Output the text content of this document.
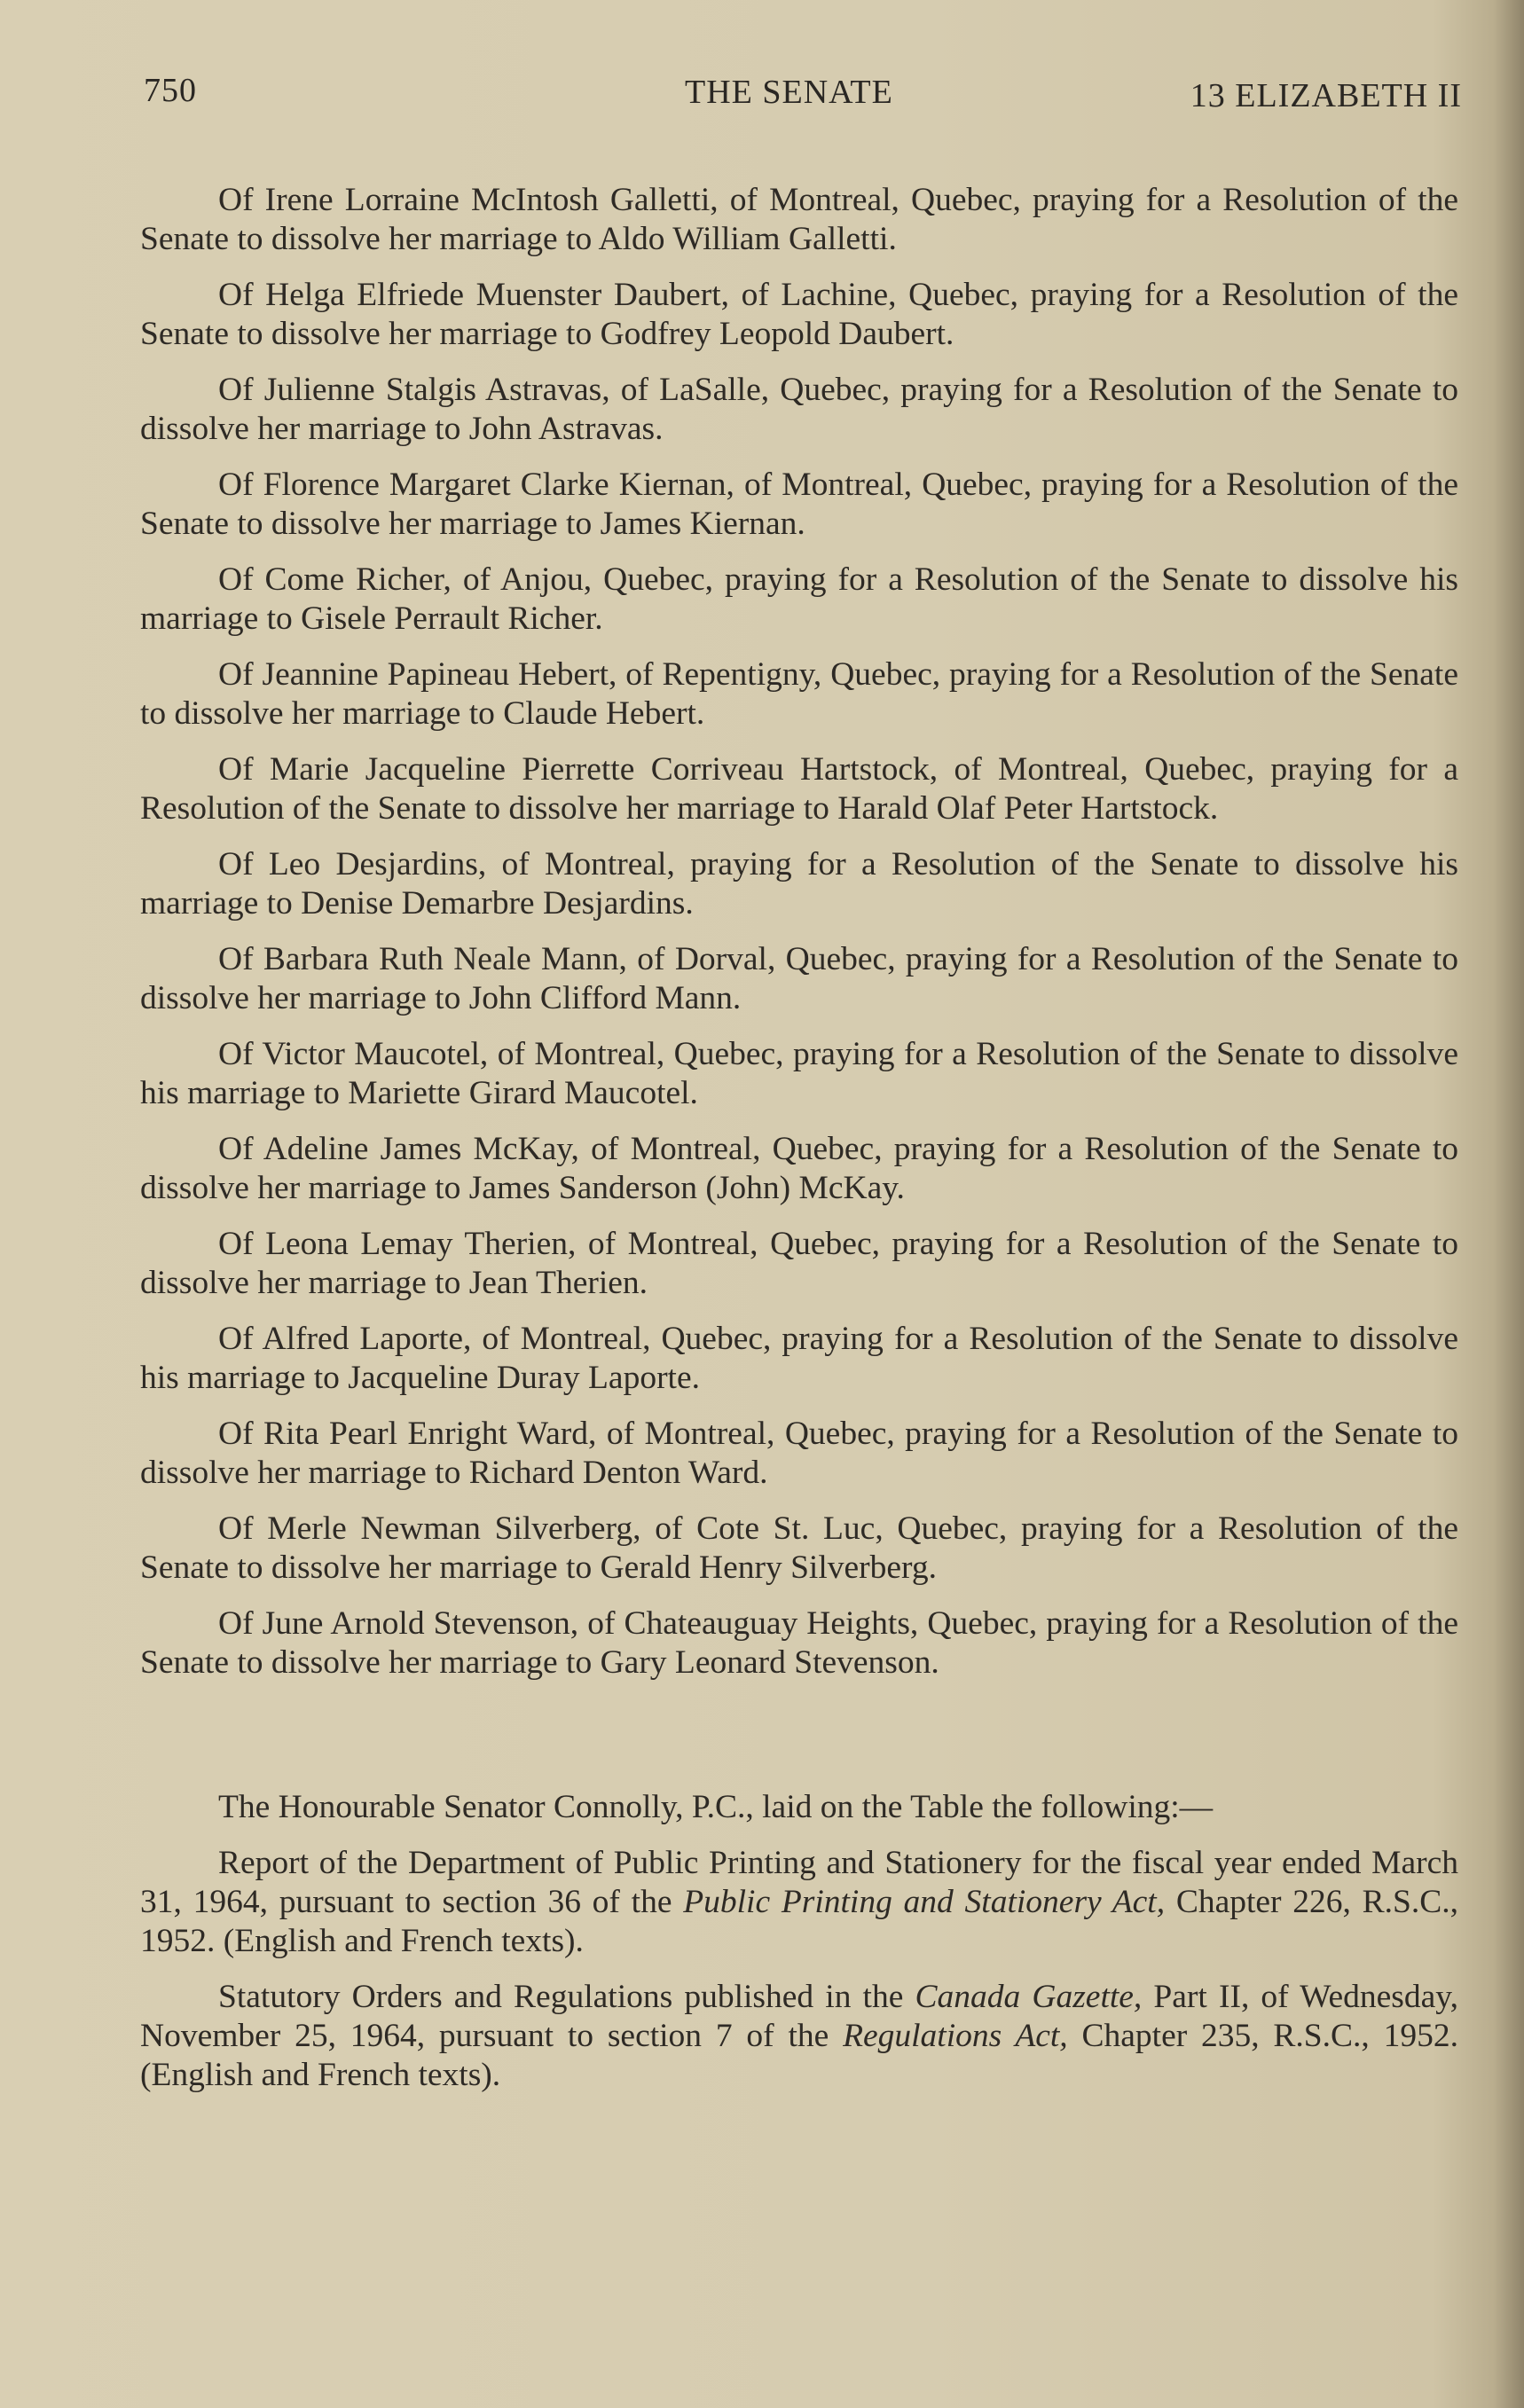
750	THE SENATE	13 ELIZABETH II

Of Irene Lorraine McIntosh Galletti, of Montreal, Quebec, praying for a Resolution of the Senate to dissolve her marriage to Aldo William Galletti.

Of Helga Elfriede Muenster Daubert, of Lachine, Quebec, praying for a Resolution of the Senate to dissolve her marriage to Godfrey Leopold Daubert.

Of Julienne Stalgis Astravas, of LaSalle, Quebec, praying for a Resolution of the Senate to dissolve her marriage to John Astravas.

Of Florence Margaret Clarke Kiernan, of Montreal, Quebec, praying for a Resolution of the Senate to dissolve her marriage to James Kiernan.

Of Come Richer, of Anjou, Quebec, praying for a Resolution of the Senate to dissolve his marriage to Gisele Perrault Richer.

Of Jeannine Papineau Hebert, of Repentigny, Quebec, praying for a Resolution of the Senate to dissolve her marriage to Claude Hebert.

Of Marie Jacqueline Pierrette Corriveau Hartstock, of Montreal, Quebec, praying for a Resolution of the Senate to dissolve her marriage to Harald Olaf Peter Hartstock.

Of Leo Desjardins, of Montreal, praying for a Resolution of the Senate to dissolve his marriage to Denise Demarbre Desjardins.

Of Barbara Ruth Neale Mann, of Dorval, Quebec, praying for a Resolution of the Senate to dissolve her marriage to John Clifford Mann.

Of Victor Maucotel, of Montreal, Quebec, praying for a Resolution of the Senate to dissolve his marriage to Mariette Girard Maucotel.

Of Adeline James McKay, of Montreal, Quebec, praying for a Resolution of the Senate to dissolve her marriage to James Sanderson (John) McKay.

Of Leona Lemay Therien, of Montreal, Quebec, praying for a Resolution of the Senate to dissolve her marriage to Jean Therien.

Of Alfred Laporte, of Montreal, Quebec, praying for a Resolution of the Senate to dissolve his marriage to Jacqueline Duray Laporte.

Of Rita Pearl Enright Ward, of Montreal, Quebec, praying for a Resolution of the Senate to dissolve her marriage to Richard Denton Ward.

Of Merle Newman Silverberg, of Cote St. Luc, Quebec, praying for a Resolution of the Senate to dissolve her marriage to Gerald Henry Silverberg.

Of June Arnold Stevenson, of Chateauguay Heights, Quebec, praying for a Resolution of the Senate to dissolve her marriage to Gary Leonard Stevenson.

The Honourable Senator Connolly, P.C., laid on the Table the following:—

Report of the Department of Public Printing and Stationery for the fiscal year ended March 31, 1964, pursuant to section 36 of the Public Printing and Stationery Act, Chapter 226, R.S.C., 1952. (English and French texts).

Statutory Orders and Regulations published in the Canada Gazette, Part II, of Wednesday, November 25, 1964, pursuant to section 7 of the Regulations Act, Chapter 235, R.S.C., 1952. (English and French texts).
